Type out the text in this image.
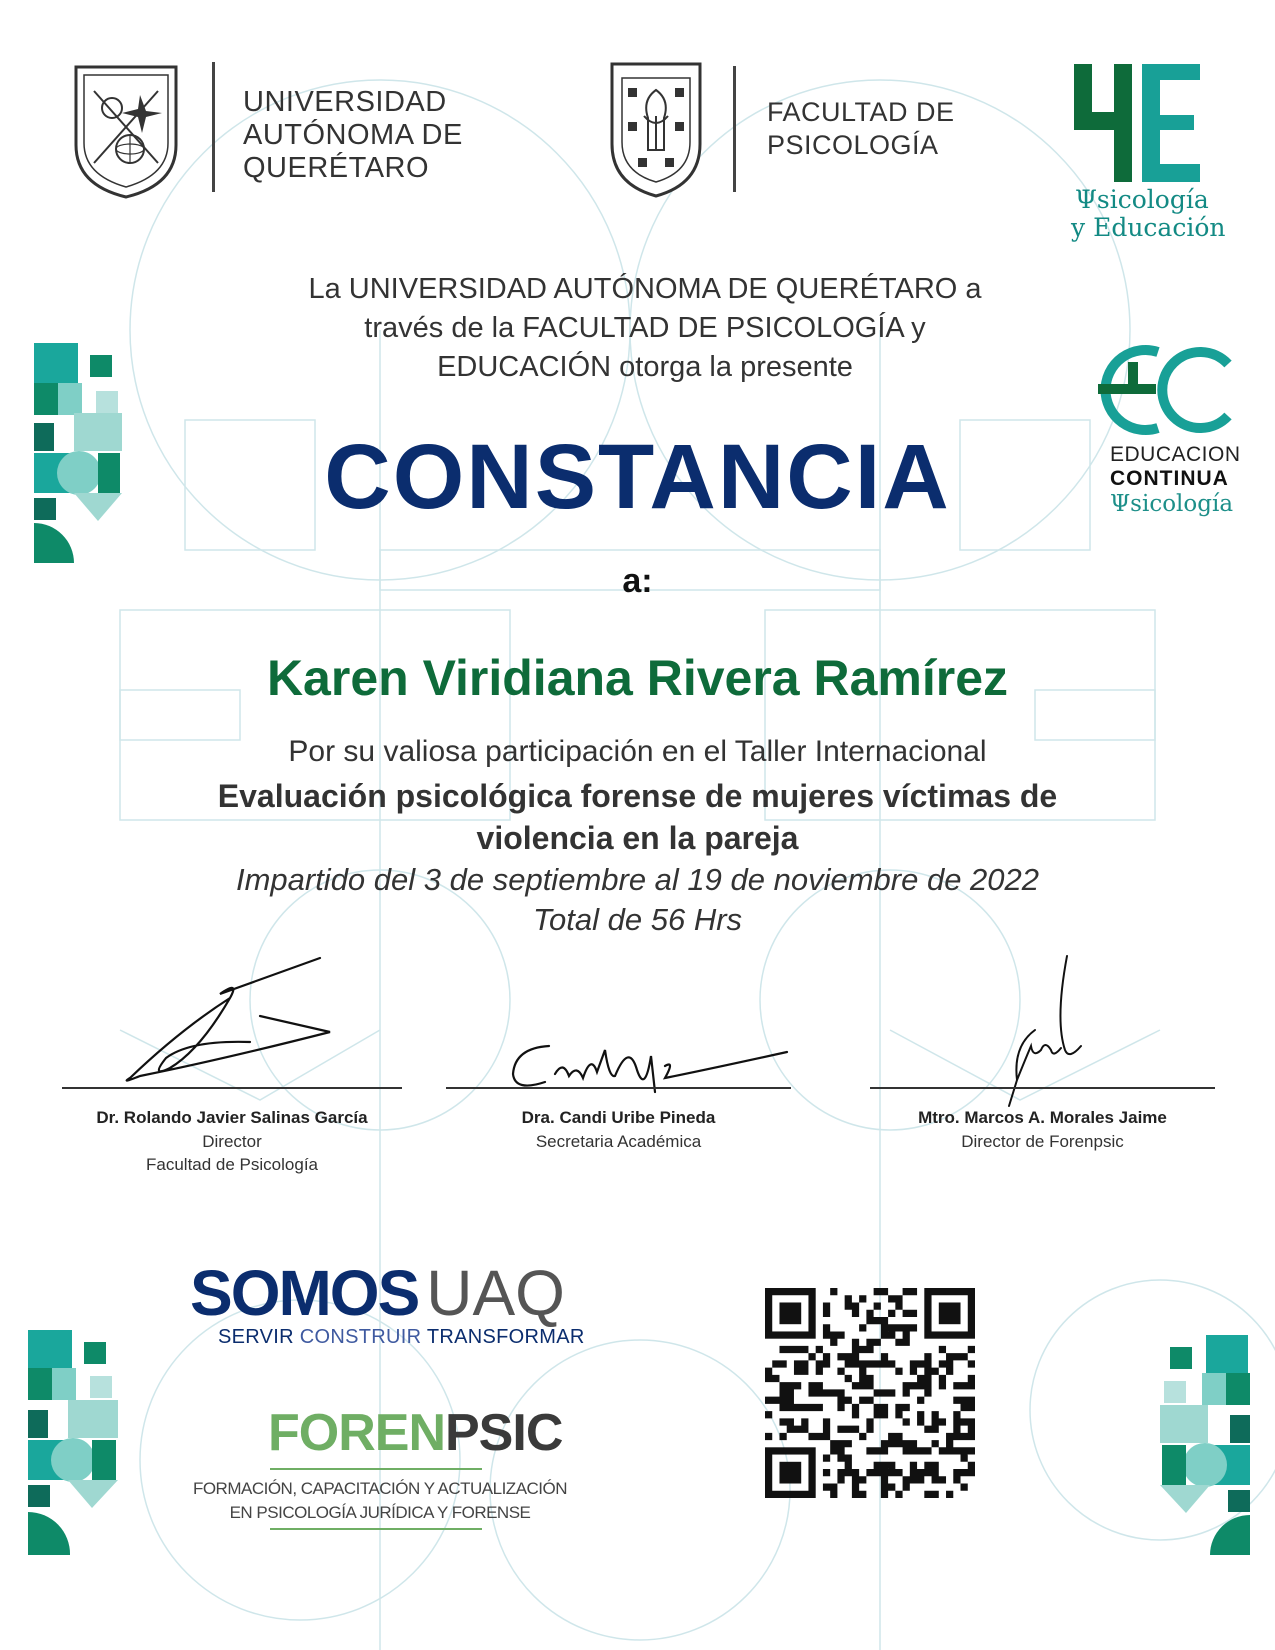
UNIVERSIDAD
AUTÓNOMA DE
QUERÉTARO
FACULTAD DE
PSICOLOGÍA
Ψsicología
y Educación
EDUCACION
CONTINUA
Ψsicología
La UNIVERSIDAD AUTÓNOMA DE QUERÉTARO a
través de la FACULTAD DE PSICOLOGÍA y
EDUCACIÓN otorga la presente
CONSTANCIA
a:
Karen Viridiana Rivera Ramírez
Por su valiosa participación en el Taller Internacional
Evaluación psicológica forense de mujeres víctimas de
violencia en la pareja
Impartido del 3 de septiembre al 19 de noviembre de 2022
Total de 56 Hrs
Dr. Rolando Javier Salinas García
Director
Facultad de Psicología
Dra. Candi Uribe Pineda
Secretaria Académica
Mtro. Marcos A. Morales Jaime
Director de Forenpsic
SOMOS UAQ
SERVIR CONSTRUIR TRANSFORMAR
FORENPSIC
FORMACIÓN, CAPACITACIÓN Y ACTUALIZACIÓN
EN PSICOLOGÍA JURÍDICA Y FORENSE
